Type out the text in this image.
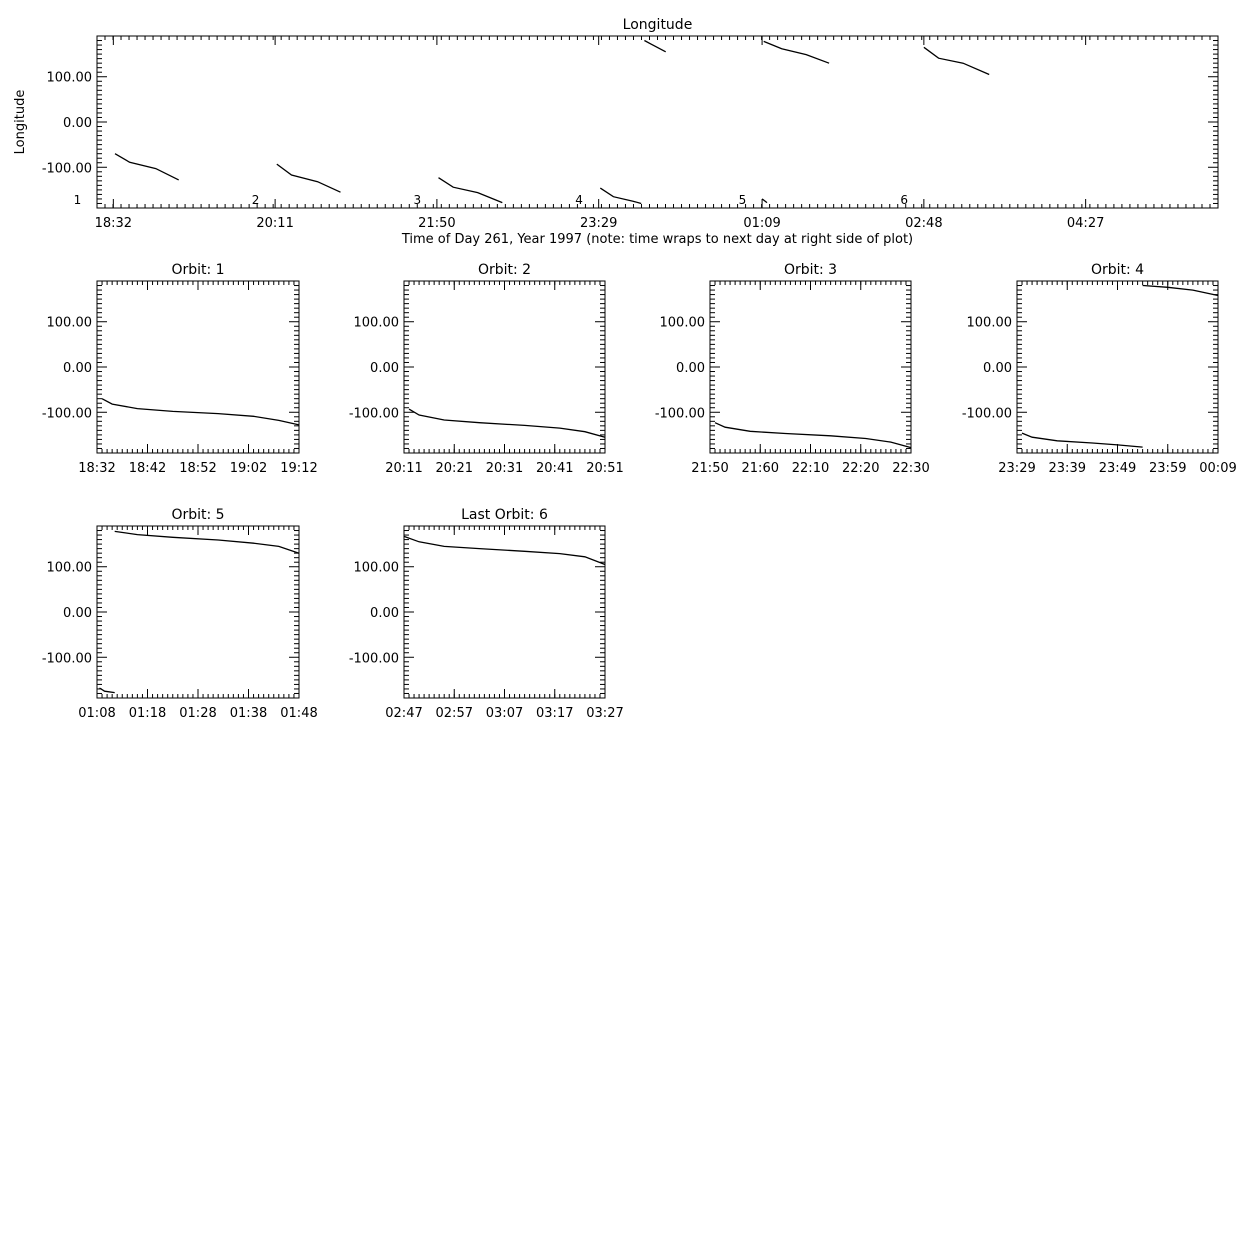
Longitude
-100.00
0.00
100.00
18:32	20:11	21:50	23:29	01:09	02:48	04:27
Time of Day 261, Year 1997 (note: time wraps to next day at right side of plot)
Longitude
1	2	3	4	5	6
Orbit: 1
-100.00
0.00
100.00
18:32 18:42 18:52 19:02 19:12
Orbit: 2
-100.00
0.00
100.00
20:11 20:21 20:31 20:41 20:51
Orbit: 3
-100.00
0.00
100.00
21:50 21:60 22:10 22:20 22:30
Orbit: 4
-100.00
0.00
100.00
23:29 23:39 23:49 23:59 00:09
Orbit: 5
-100.00
0.00
100.00
01:08 01:18 01:28 01:38 01:48
Last Orbit: 6
-100.00
0.00
100.00
02:47 02:57 03:07 03:17 03:27
